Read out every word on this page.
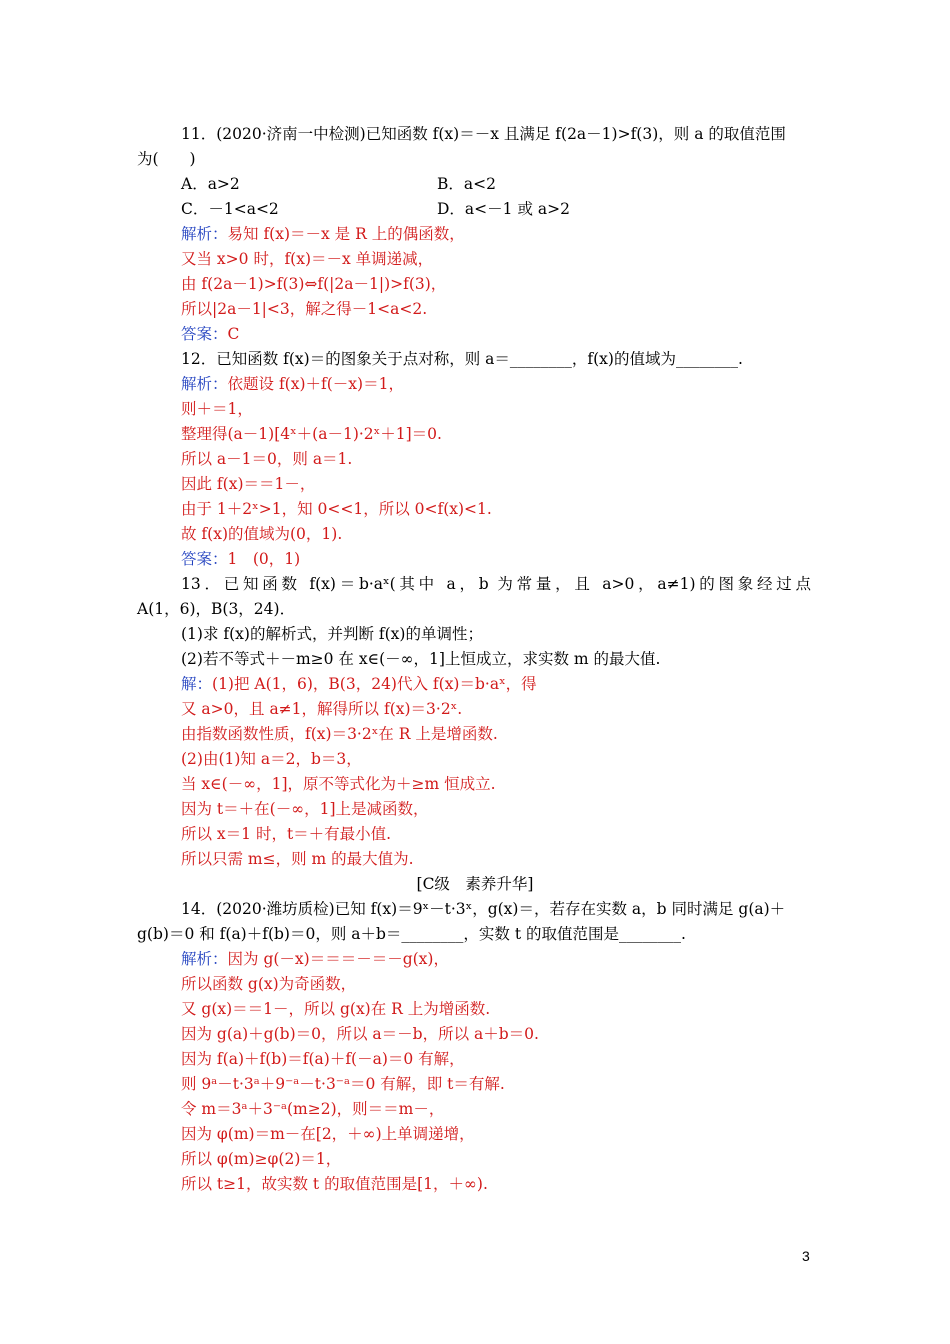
11．(2020·济南一中检测)已知函数 f(x)＝－x 且满足 f(2a－1)>f(3)，则 a 的取值范围
为(　　)
A．a>2	B．a<2
C．－1<a<2	D．a<－1 或 a>2
解析：易知 f(x)＝－x 是 R 上的偶函数，
又当 x>0 时，f(x)＝－x 单调递减，
由 f(2a－1)>f(3)⇔f(|2a－1|)>f(3)，
所以|2a－1|<3，解之得－1<a<2.
答案：C
12．已知函数 f(x)＝的图象关于点对称，则 a＝________，f(x)的值域为________.
解析：依题设 f(x)＋f(－x)＝1，
则＋＝1，
整理得(a－1)[4ˣ＋(a－1)·2ˣ＋1]＝0.
所以 a－1＝0，则 a＝1.
因此 f(x)＝＝1－，
由于 1＋2ˣ>1，知 0<<1，所以 0<f(x)<1.
故 f(x)的值域为(0，1).
答案：1　(0，1)
13．已知函数 f(x)＝b·aˣ(其中 a，b 为常量，且 a>0，a≠1)的图象经过点
A(1，6)，B(3，24)．
(1)求 f(x)的解析式，并判断 f(x)的单调性；
(2)若不等式＋－m≥0 在 x∈(－∞，1]上恒成立，求实数 m 的最大值.
解：(1)把 A(1，6)，B(3，24)代入 f(x)＝b·aˣ，得
又 a>0，且 a≠1，解得所以 f(x)＝3·2ˣ.
由指数函数性质，f(x)＝3·2ˣ在 R 上是增函数.
(2)由(1)知 a＝2，b＝3，
当 x∈(－∞，1]，原不等式化为＋≥m 恒成立.
因为 t＝＋在(－∞，1]上是减函数，
所以 x＝1 时，t＝＋有最小值.
所以只需 m≤，则 m 的最大值为.
[C级　素养升华]
14．(2020·潍坊质检)已知 f(x)＝9ˣ－t·3ˣ，g(x)＝，若存在实数 a，b 同时满足 g(a)＋
g(b)＝0 和 f(a)＋f(b)＝0，则 a＋b＝________，实数 t 的取值范围是________.
解析：因为 g(－x)＝＝＝－＝－g(x)，
所以函数 g(x)为奇函数，
又 g(x)＝＝1－，所以 g(x)在 R 上为增函数.
因为 g(a)＋g(b)＝0，所以 a＝－b，所以 a＋b＝0.
因为 f(a)＋f(b)＝f(a)＋f(－a)＝0 有解，
则 9ᵃ－t·3ᵃ＋9⁻ᵃ－t·3⁻ᵃ＝0 有解，即 t＝有解.
令 m＝3ᵃ＋3⁻ᵃ(m≥2)，则＝＝m－，
因为 φ(m)＝m－在[2，＋∞)上单调递增，
所以 φ(m)≥φ(2)＝1，
所以 t≥1，故实数 t 的取值范围是[1，＋∞).
3
